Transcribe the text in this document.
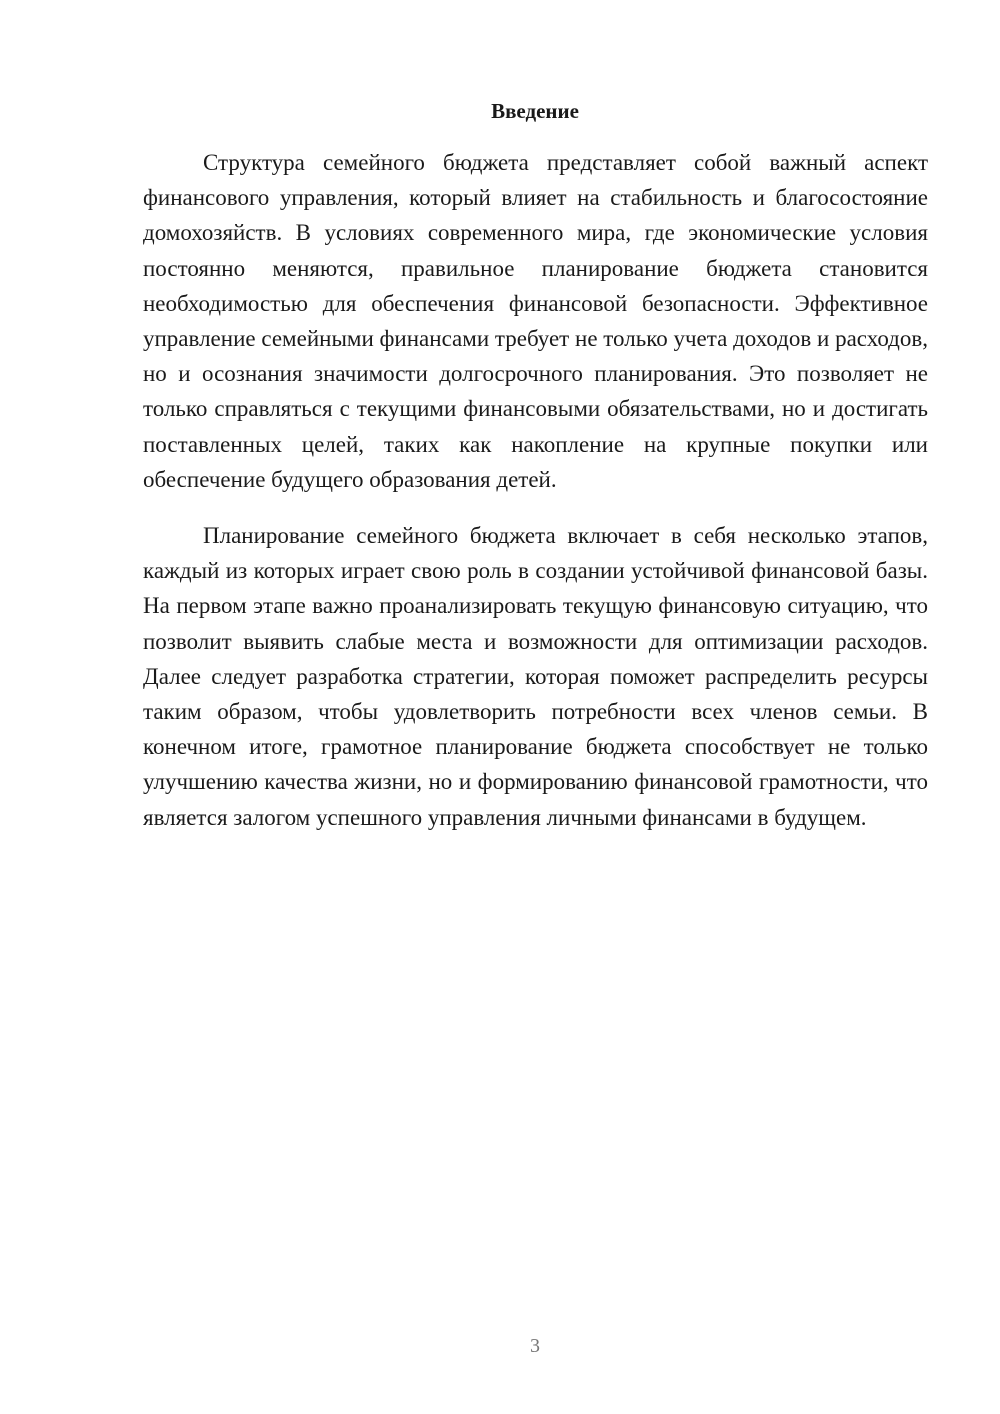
Введение

Структура семейного бюджета представляет собой важный аспект финансового управления, который влияет на стабильность и благосостояние домохозяйств. В условиях современного мира, где экономические условия постоянно меняются, правильное планирование бюджета становится необходимостью для обеспечения финансовой безопасности. Эффективное управление семейными финансами требует не только учета доходов и расходов, но и осознания значимости долгосрочного планирования. Это позволяет не только справляться с текущими финансовыми обязательствами, но и достигать поставленных целей, таких как накопление на крупные покупки или обеспечение будущего образования детей.

Планирование семейного бюджета включает в себя несколько этапов, каждый из которых играет свою роль в создании устойчивой финансовой базы. На первом этапе важно проанализировать текущую финансовую ситуацию, что позволит выявить слабые места и возможности для оптимизации расходов. Далее следует разработка стратегии, которая поможет распределить ресурсы таким образом, чтобы удовлетворить потребности всех членов семьи. В конечном итоге, грамотное планирование бюджета способствует не только улучшению качества жизни, но и формированию финансовой грамотности, что является залогом успешного управления личными финансами в будущем.

3
